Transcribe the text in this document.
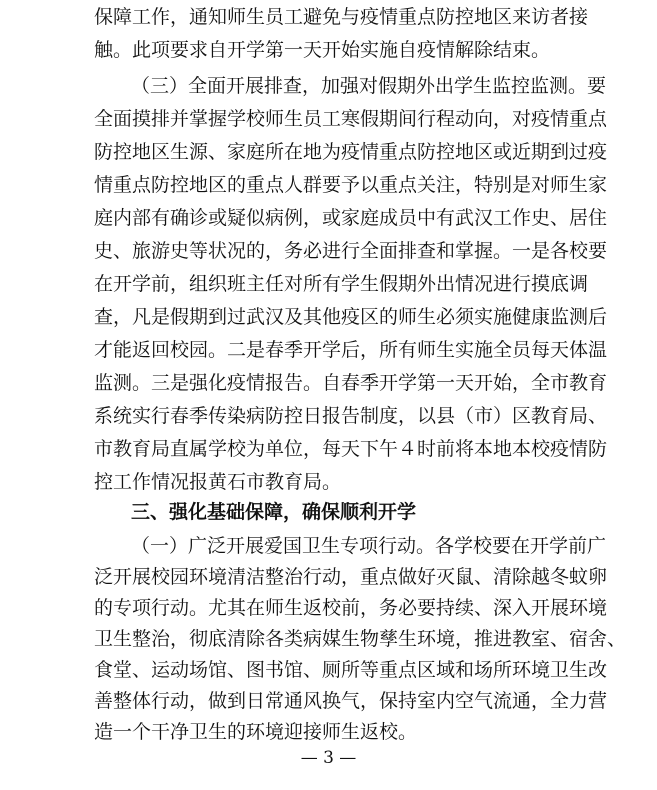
保障工作，通知师生员工避免与疫情重点防控地区来访者接
触。此项要求自开学第一天开始实施自疫情解除结束。
（三）全面开展排查，加强对假期外出学生监控监测。要
全面摸排并掌握学校师生员工寒假期间行程动向，对疫情重点
防控地区生源、家庭所在地为疫情重点防控地区或近期到过疫
情重点防控地区的重点人群要予以重点关注，特别是对师生家
庭内部有确诊或疑似病例，或家庭成员中有武汉工作史、居住
史、旅游史等状况的，务必进行全面排查和掌握。一是各校要
在开学前，组织班主任对所有学生假期外出情况进行摸底调
查，凡是假期到过武汉及其他疫区的师生必须实施健康监测后
才能返回校园。二是春季开学后，所有师生实施全员每天体温
监测。三是强化疫情报告。自春季开学第一天开始，全市教育
系统实行春季传染病防控日报告制度，以县（市）区教育局、
市教育局直属学校为单位，每天下午４时前将本地本校疫情防
控工作情况报黄石市教育局。
三、强化基础保障，确保顺利开学
（一）广泛开展爱国卫生专项行动。各学校要在开学前广
泛开展校园环境清洁整治行动，重点做好灭鼠、清除越冬蚊卵
的专项行动。尤其在师生返校前，务必要持续、深入开展环境
卫生整治，彻底清除各类病媒生物孳生环境，推进教室、宿舍、
食堂、运动场馆、图书馆、厕所等重点区域和场所环境卫生改
善整体行动，做到日常通风换气，保持室内空气流通，全力营
— 3 —
造一个干净卫生的环境迎接师生返校。
